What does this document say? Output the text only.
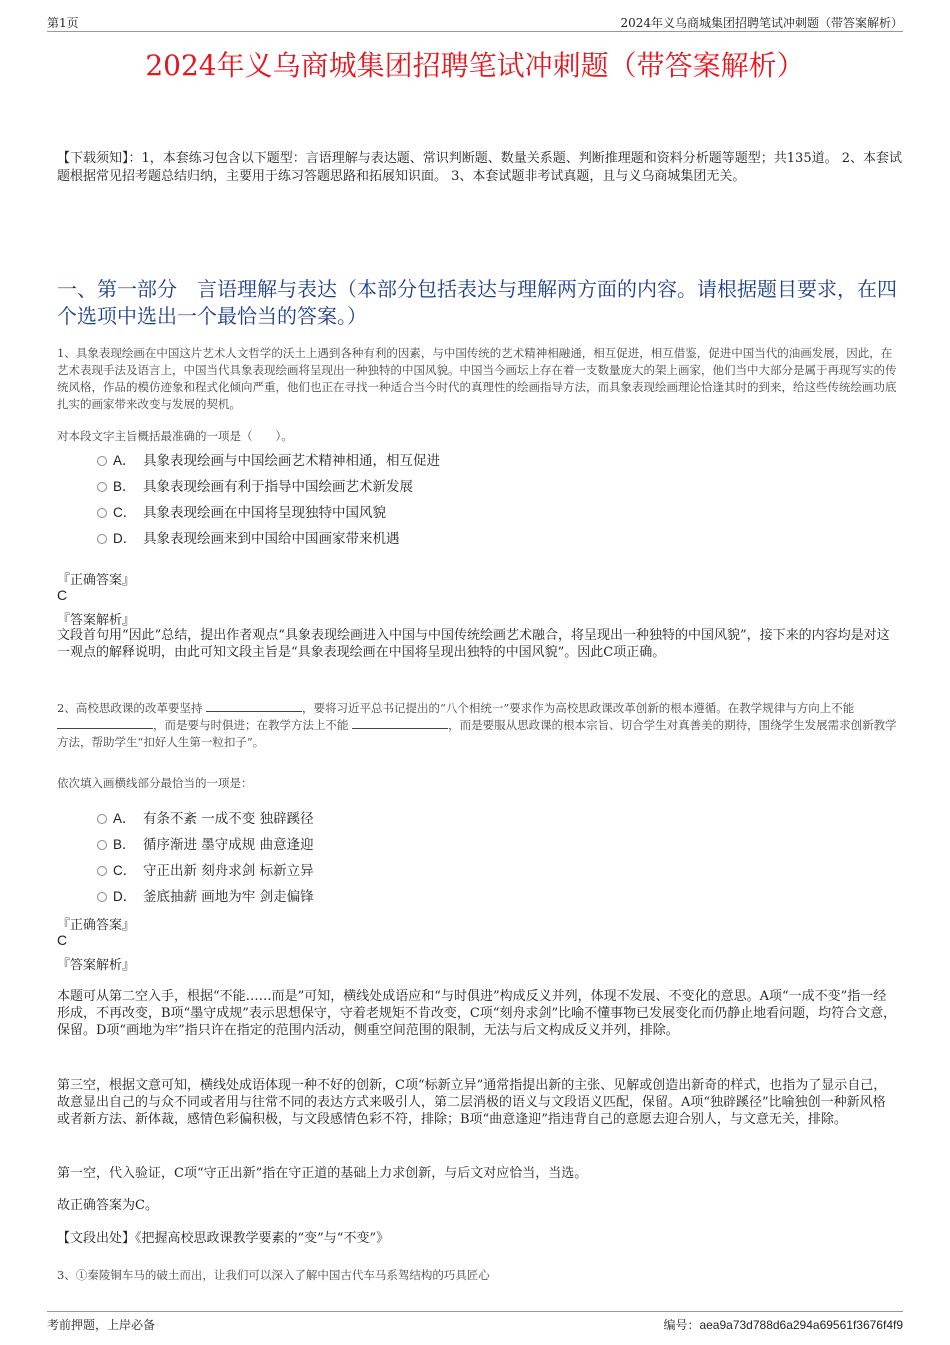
第1页	2024年义乌商城集团招聘笔试冲刺题（带答案解析）
2024年义乌商城集团招聘笔试冲刺题（带答案解析）
【下载须知】：1，本套练习包含以下题型：言语理解与表达题、常识判断题、数量关系题、判断推理题和资料分析题等题型；共135道。 2、本套试题根据常见招考题总结归纳，主要用于练习答题思路和拓展知识面。 3、本套试题非考试真题，且与义乌商城集团无关。
一、第一部分　言语理解与表达（本部分包括表达与理解两方面的内容。请根据题目要求，在四个选项中选出一个最恰当的答案。）
1、具象表现绘画在中国这片艺术人文哲学的沃土上遇到各种有利的因素，与中国传统的艺术精神相融通，相互促进，相互借鉴，促进中国当代的油画发展，因此，在艺术表现手法及语言上，中国当代具象表现绘画将呈现出一种独特的中国风貌。中国当今画坛上存在着一支数量庞大的架上画家，他们当中大部分是属于再现写实的传统风格，作品的模仿迹象和程式化倾向严重，他们也正在寻找一种适合当今时代的真理性的绘画指导方法，而具象表现绘画理论恰逢其时的到来，给这些传统绘画功底扎实的画家带来改变与发展的契机。
对本段文字主旨概括最准确的一项是（　　）。
A． 具象表现绘画与中国绘画艺术精神相通，相互促进
B． 具象表现绘画有利于指导中国绘画艺术新发展
C． 具象表现绘画在中国将呈现独特中国风貌
D． 具象表现绘画来到中国给中国画家带来机遇
『正确答案』
C
『答案解析』
文段首句用“因此”总结，提出作者观点“具象表现绘画进入中国与中国传统绘画艺术融合，将呈现出一种独特的中国风貌”，接下来的内容均是对这一观点的解释说明，由此可知文段主旨是“具象表现绘画在中国将呈现出独特的中国风貌”。因此C项正确。
2、高校思政课的改革要坚持	，要将习近平总书记提出的“八个相统一”要求作为高校思政课改革创新的根本遵循。在教学规律与方向上不能 ，而是要与时俱进；在教学方法上不能	，而是要服从思政课的根本宗旨、切合学生对真善美的期待，围绕学生发展需求创新教学方法，帮助学生“扣好人生第一粒扣子”。
依次填入画横线部分最恰当的一项是：
A． 有条不紊 一成不变 独辟蹊径
B． 循序渐进 墨守成规 曲意逢迎
C． 守正出新 刻舟求剑 标新立异
D． 釜底抽薪 画地为牢 剑走偏锋
『正确答案』
C
『答案解析』
本题可从第二空入手，根据“不能……而是”可知，横线处成语应和“与时俱进”构成反义并列，体现不发展、不变化的意思。A项“一成不变”指一经形成，不再改变，B项“墨守成规”表示思想保守，守着老规矩不肯改变，C项“刻舟求剑”比喻不懂事物已发展变化而仍静止地看问题，均符合文意，保留。D项“画地为牢”指只许在指定的范围内活动，侧重空间范围的限制，无法与后文构成反义并列，排除。
第三空，根据文意可知，横线处成语体现一种不好的创新，C项“标新立异”通常指提出新的主张、见解或创造出新奇的样式，也指为了显示自己，故意显出自己的与众不同或者用与往常不同的表达方式来吸引人，第二层消极的语义与文段语义匹配，保留。A项“独辟蹊径”比喻独创一种新风格或者新方法、新体裁，感情色彩偏积极，与文段感情色彩不符，排除；B项“曲意逢迎”指违背自己的意愿去迎合别人，与文意无关，排除。
第一空，代入验证，C项“守正出新”指在守正道的基础上力求创新，与后文对应恰当，当选。
故正确答案为C。
【文段出处】《把握高校思政课教学要素的“变”与“不变”》
3、①秦陵铜车马的破土而出，让我们可以深入了解中国古代车马系驾结构的巧具匠心
考前押题，上岸必备	编号：aea9a73d788d6a294a69561f3676f4f9
